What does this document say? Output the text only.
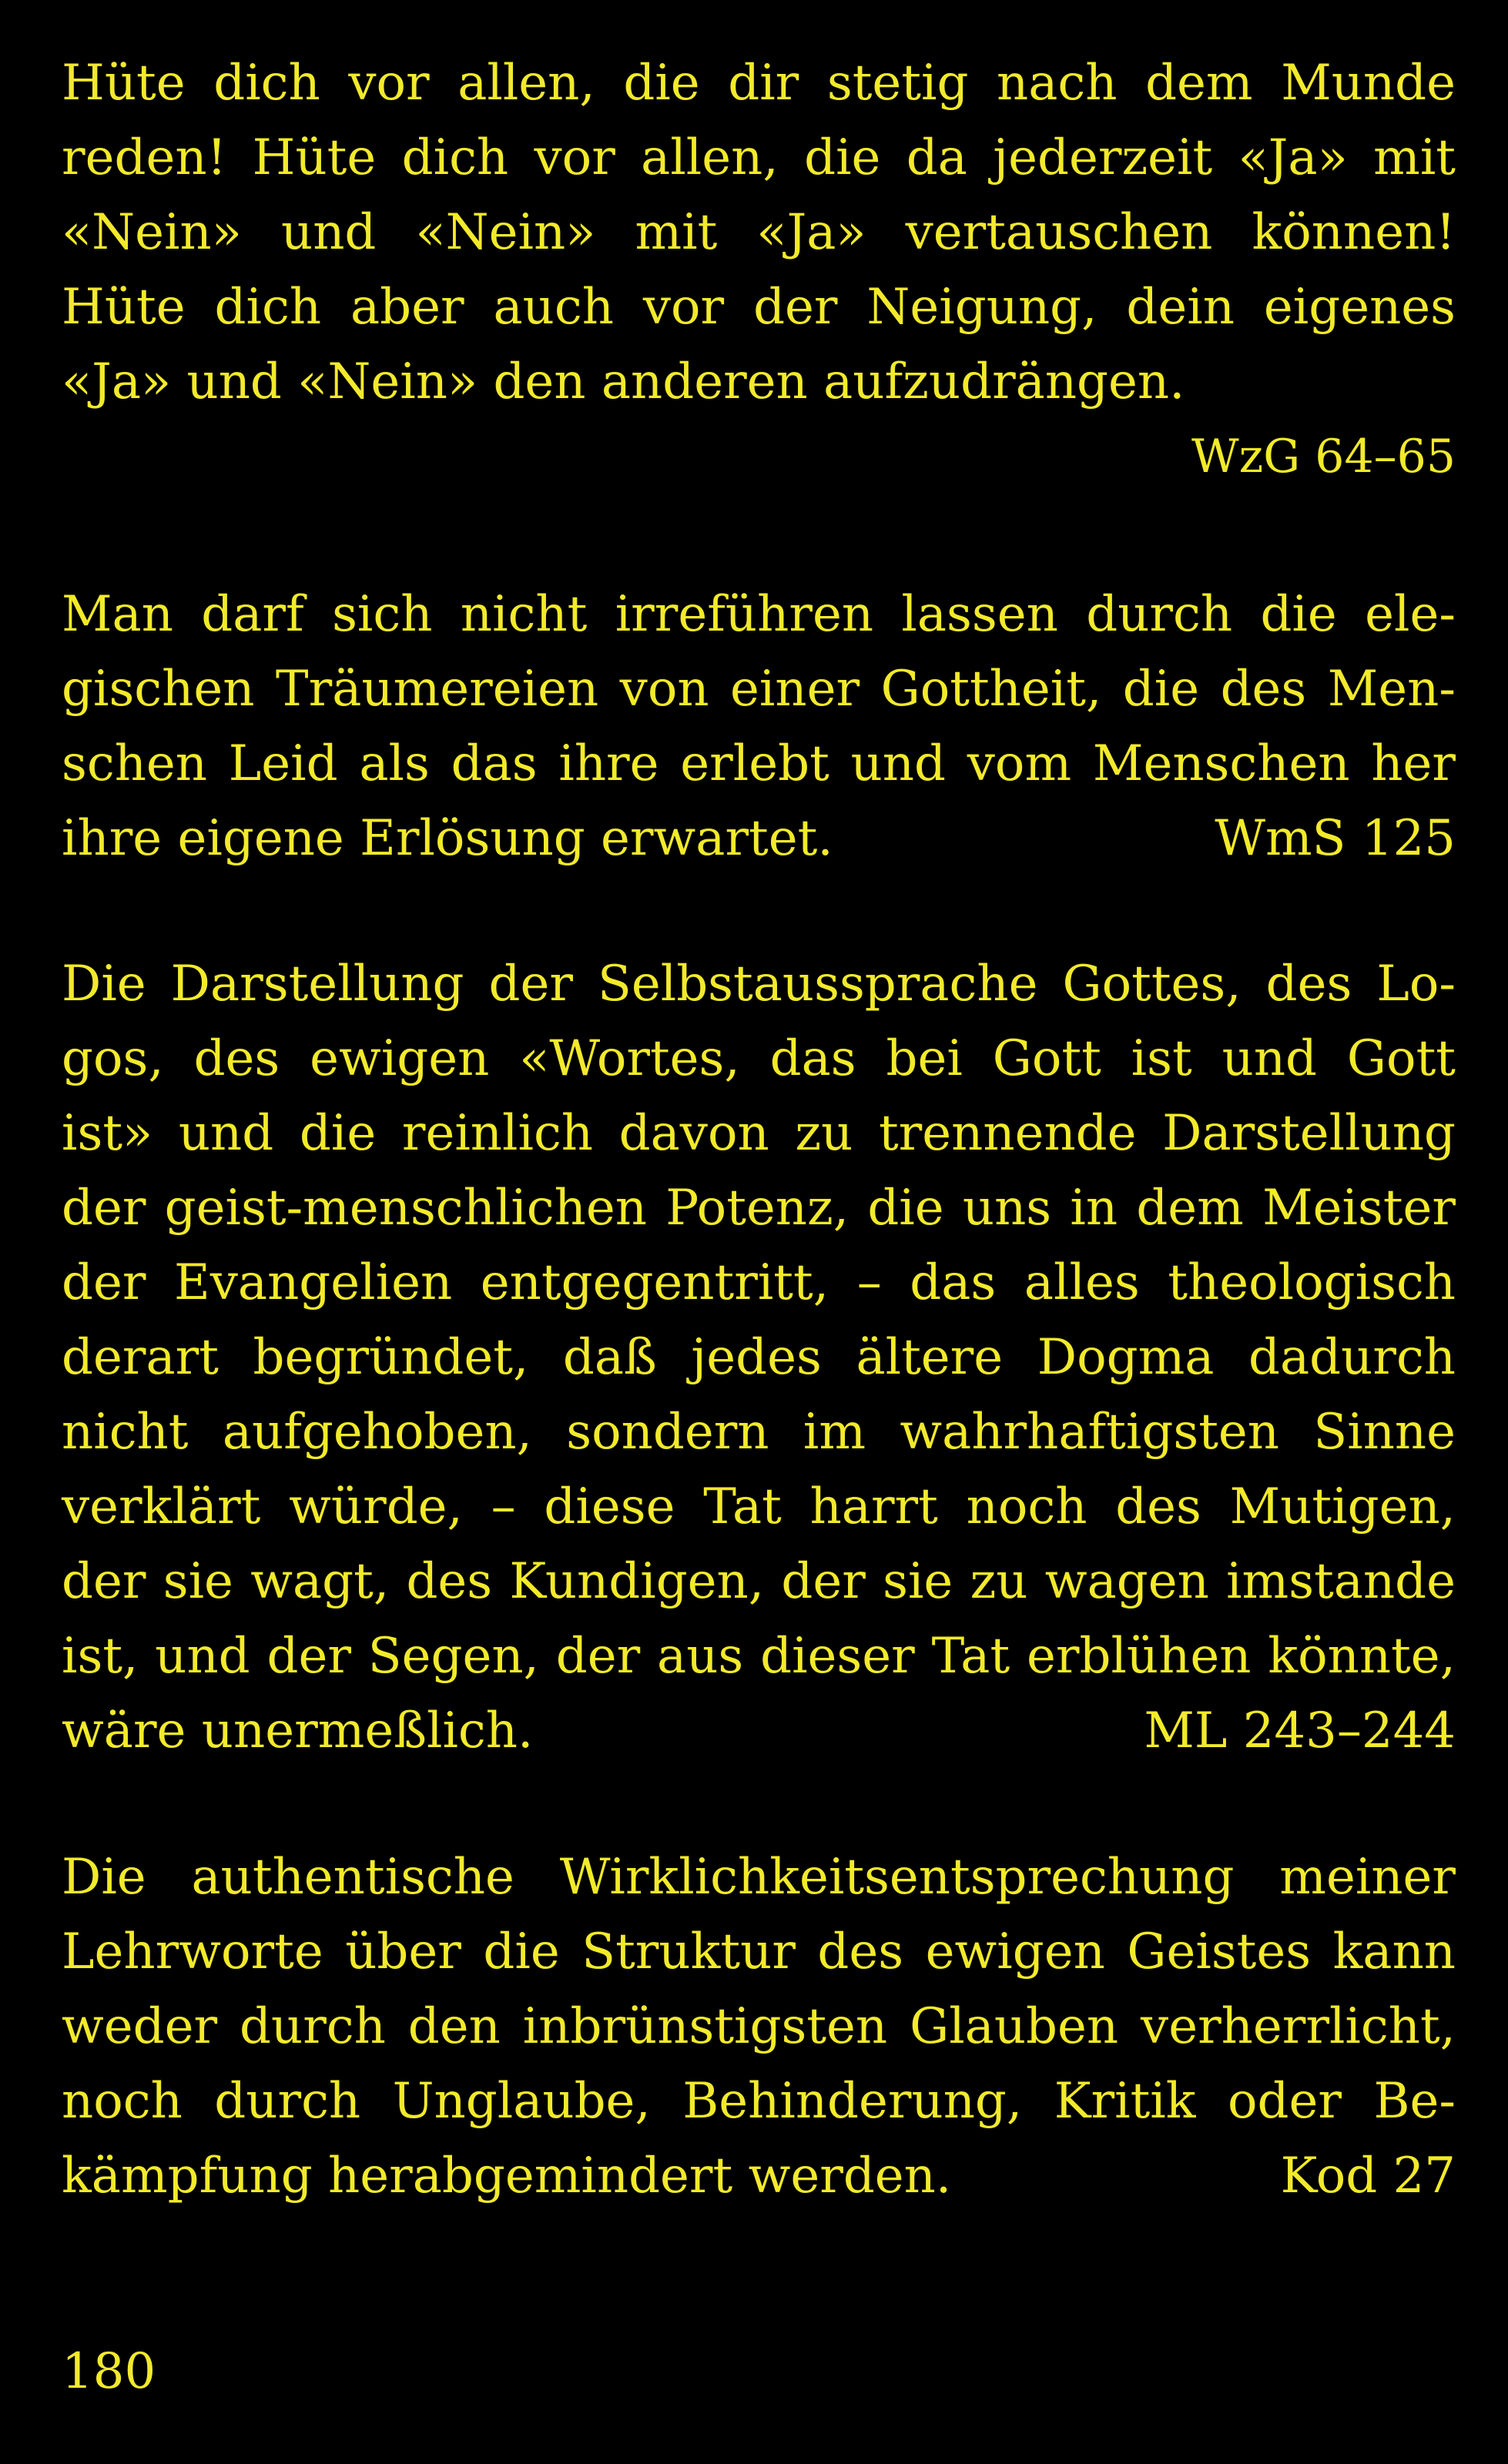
Hüte dich vor allen, die dir stetig nach dem Munde
reden! Hüte dich vor allen, die da jederzeit «Ja» mit
«Nein» und «Nein» mit «Ja» vertauschen können!
Hüte dich aber auch vor der Neigung, dein eigenes
«Ja» und «Nein» den anderen aufzudrängen.
WzG 64–65
Man darf sich nicht irreführen lassen durch die ele-
gischen Träumereien von einer Gottheit, die des Men-
schen Leid als das ihre erlebt und vom Menschen her
ihre eigene Erlösung erwartet.	WmS 125
Die Darstellung der Selbstaussprache Gottes, des Lo-
gos, des ewigen «Wortes, das bei Gott ist und Gott
ist» und die reinlich davon zu trennende Darstellung
der geist-menschlichen Potenz, die uns in dem Meister
der Evangelien entgegentritt, – das alles theologisch
derart begründet, daß jedes ältere Dogma dadurch
nicht aufgehoben, sondern im wahrhaftigsten Sinne
verklärt würde, – diese Tat harrt noch des Mutigen,
der sie wagt, des Kundigen, der sie zu wagen imstande
ist, und der Segen, der aus dieser Tat erblühen könnte,
wäre unermeßlich.	ML 243–244
Die authentische Wirklichkeitsentsprechung meiner
Lehrworte über die Struktur des ewigen Geistes kann
weder durch den inbrünstigsten Glauben verherrlicht,
noch durch Unglaube, Behinderung, Kritik oder Be-
kämpfung herabgemindert werden.	Kod 27
180
